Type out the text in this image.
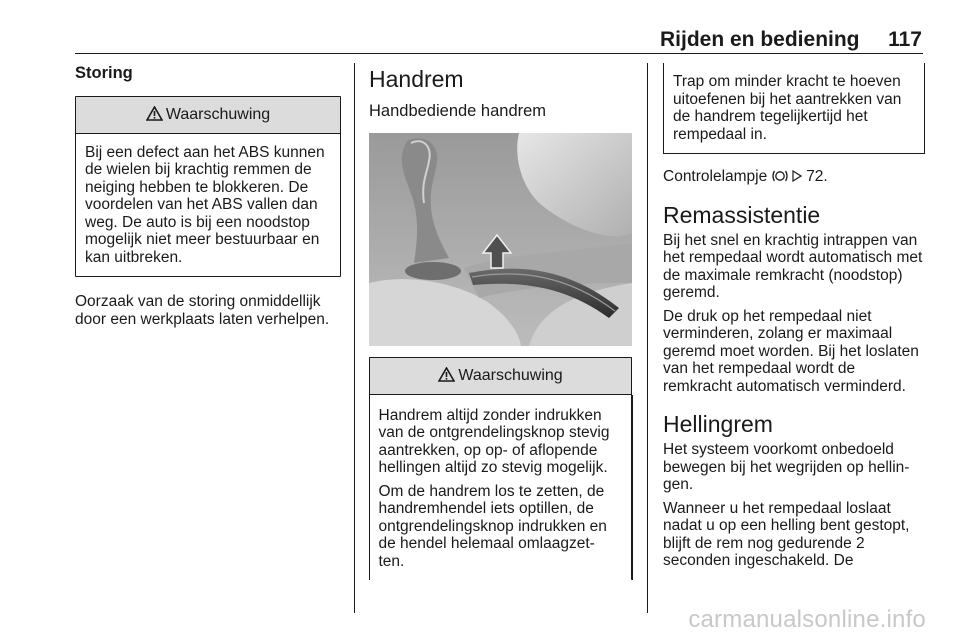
Rijden en bediening 117
Storing
Waarschuwing

Bij een defect aan het ABS kunnen de wielen bij krachtig remmen de neiging hebben te blokkeren. De voordelen van het ABS vallen dan weg. De auto is bij een noodstop mogelijk niet meer bestuurbaar en kan uitbreken.

Oorzaak van de storing onmiddellijk door een werkplaats laten verhelpen.

Handrem
Handbediende handrem
Waarschuwing

Handrem altijd zonder indrukken van de ontgrendelingsknop stevig aantrekken, op op- of aflopende hellingen altijd zo stevig mogelijk.

Om de handrem los te zetten, de handremhendel iets optillen, de ontgrendelingsknop indrukken en de hendel helemaal omlaagzet- ten.

Trap om minder kracht te hoeven uitoefenen bij het aantrekken van de handrem tegelijkertijd het rempedaal in.

Controlelampje	72.

Remassistentie

Bij het snel en krachtig intrappen van het rempedaal wordt automatisch met de maximale remkracht (noodstop) geremd.

De druk op het rempedaal niet verminderen, zolang er maximaal geremd moet worden. Bij het loslaten van het rempedaal wordt de remkracht automatisch verminderd.

Hellingrem

Het systeem voorkomt onbedoeld bewegen bij het wegrijden op hellin- gen.

Wanneer u het rempedaal loslaat nadat u op een helling bent gestopt, blijft de rem nog gedurende 2 seconden ingeschakeld. De

carmanualsonline.info
